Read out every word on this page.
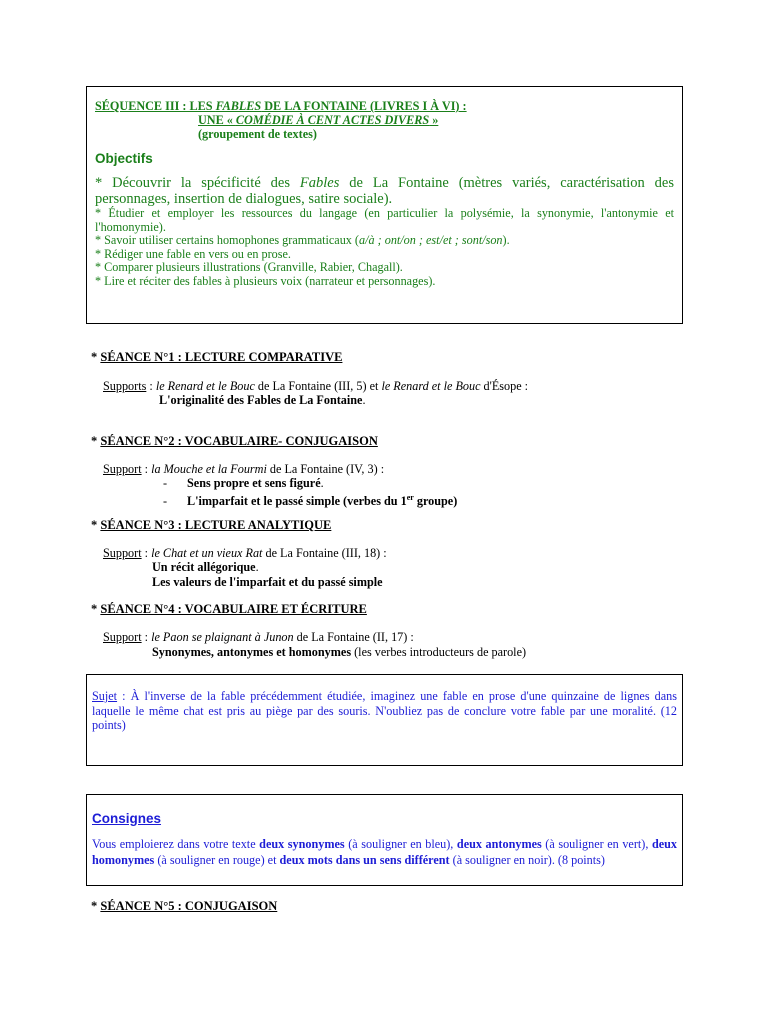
SÉQUENCE III : LES FABLES DE LA FONTAINE (LIVRES I À VI) :
UNE « COMÉDIE À CENT ACTES DIVERS »
(groupement de textes)
Objectifs
* Découvrir la spécificité des Fables de La Fontaine (mètres variés, caractérisation des personnages, insertion de dialogues, satire sociale).
* Étudier et employer les ressources du langage (en particulier la polysémie, la synonymie, l'antonymie et l'homonymie).
* Savoir utiliser certains homophones grammaticaux (a/à ; ont/on ; est/et ; sont/son).
* Rédiger une fable en vers ou en prose.
* Comparer plusieurs illustrations (Granville, Rabier, Chagall).
* Lire et réciter des fables à plusieurs voix (narrateur et personnages).
* SÉANCE N°1 : LECTURE COMPARATIVE
Supports : le Renard et le Bouc de La Fontaine (III, 5) et le Renard et le Bouc d'Ésope :
L'originalité des Fables de La Fontaine.
* SÉANCE N°2 : VOCABULAIRE- CONJUGAISON
Support : la Mouche et la Fourmi de La Fontaine (IV, 3) :
- Sens propre et sens figuré.
- L'imparfait et le passé simple (verbes du 1er groupe)
* SÉANCE N°3 : LECTURE ANALYTIQUE
Support : le Chat et un vieux Rat de La Fontaine (III, 18) :
Un récit allégorique.
Les valeurs de l'imparfait et du passé simple
* SÉANCE N°4 : VOCABULAIRE ET ÉCRITURE
Support : le Paon se plaignant à Junon de La Fontaine (II, 17) :
Synonymes, antonymes et homonymes (les verbes introducteurs de parole)

Sujet : À l'inverse de la fable précédemment étudiée, imaginez une fable en prose d'une quinzaine de lignes dans laquelle le même chat est pris au piège par des souris. N'oubliez pas de conclure votre fable par une moralité. (12 points)

Consignes

Vous emploierez dans votre texte deux synonymes (à souligner en bleu), deux antonymes (à souligner en vert), deux homonymes (à souligner en rouge) et deux mots dans un sens différent (à souligner en noir). (8 points)

* SÉANCE N°5 : CONJUGAISON
